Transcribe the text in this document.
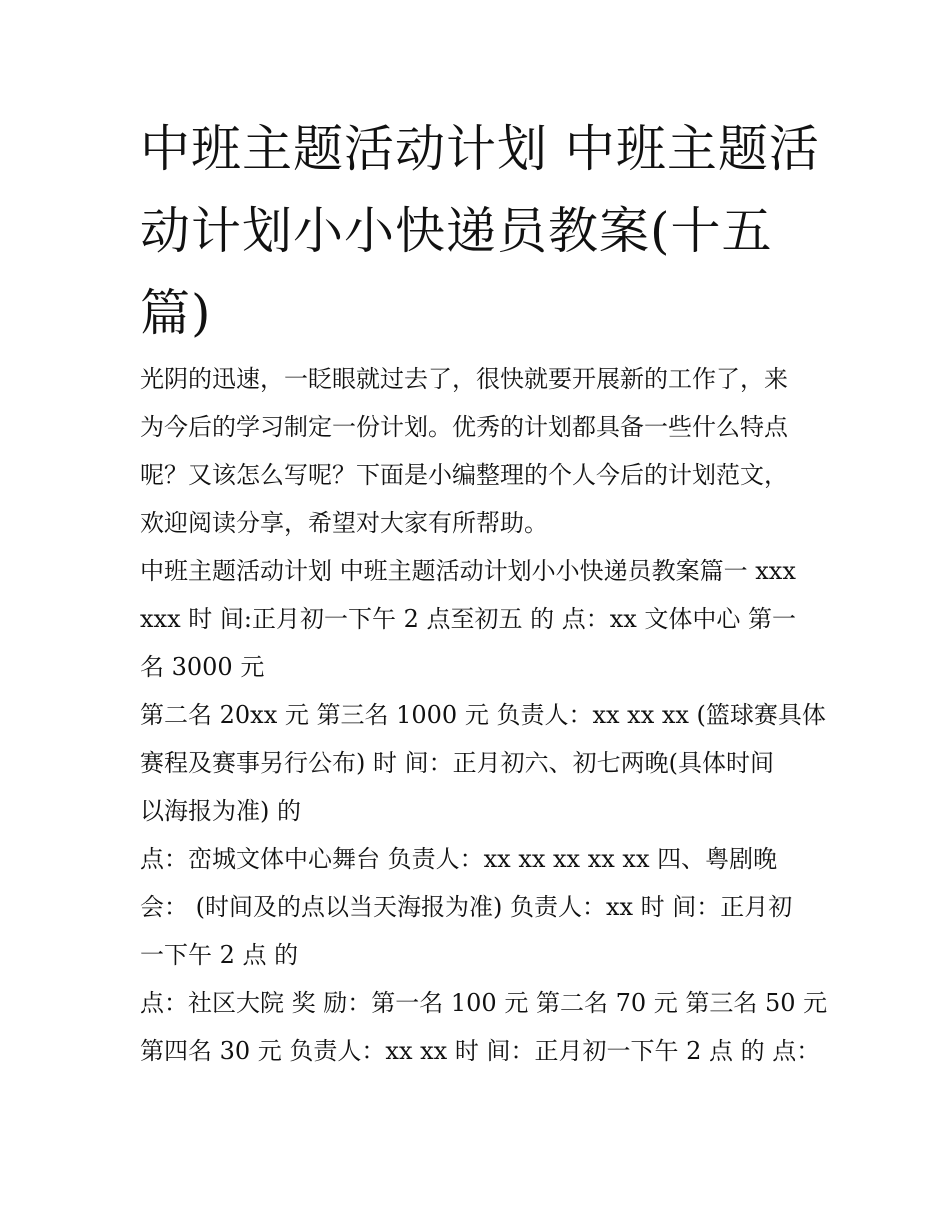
中班主题活动计划 中班主题活
动计划小小快递员教案(十五
篇)

光阴的迅速，一眨眼就过去了，很快就要开展新的工作了，来
为今后的学习制定一份计划。优秀的计划都具备一些什么特点
呢？又该怎么写呢？下面是小编整理的个人今后的计划范文，
欢迎阅读分享，希望对大家有所帮助。

中班主题活动计划 中班主题活动计划小小快递员教案篇一 xxx
xxx 时 间:正月初一下午 2 点至初五 的 点：xx 文体中心 第一
名 3000 元

第二名 20xx 元 第三名 1000 元 负责人：xx xx xx (篮球赛具体
赛程及赛事另行公布) 时 间：正月初六、初七两晚(具体时间
以海报为准) 的

点：峦城文体中心舞台 负责人：xx xx xx xx xx 四、粤剧晚
会： (时间及的点以当天海报为准) 负责人：xx 时 间：正月初
一下午 2 点 的

点：社区大院 奖 励：第一名 100 元 第二名 70 元 第三名 50 元
第四名 30 元 负责人：xx xx 时 间：正月初一下午 2 点 的 点：
